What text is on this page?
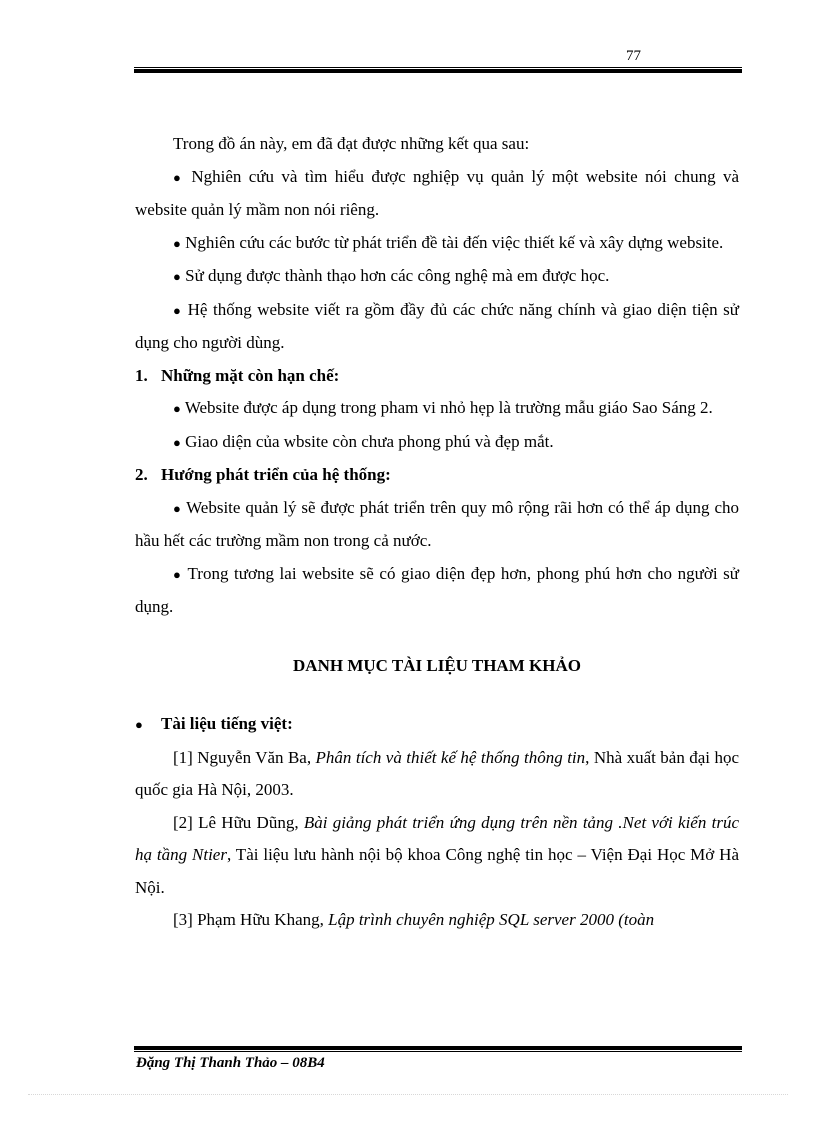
77

Trong đồ án này, em đã đạt được những kết qua sau:

● Nghiên cứu và tìm hiểu được nghiệp vụ quản lý một website nói chung và website quản lý mầm non nói riêng.

● Nghiên cứu các bước từ phát triển đề tài đến việc thiết kế và xây dựng website.

● Sử dụng được thành thạo hơn các công nghệ mà em được học.

● Hệ thống website viết ra gồm đầy đủ các chức năng chính và giao diện tiện sử dụng cho người dùng.

1. Những mặt còn hạn chế:

● Website được áp dụng trong pham vi nhỏ hẹp là trường mẫu giáo Sao Sáng 2.

● Giao diện của wbsite còn chưa phong phú và đẹp mắt.

2. Hướng phát triển của hệ thống:

● Website quản lý sẽ được phát triển trên quy mô rộng rãi hơn có thể áp dụng cho hầu hết các trường mầm non trong cả nước.

● Trong tương lai website sẽ có giao diện đẹp hơn, phong phú hơn cho người sử dụng.

DANH MỤC TÀI LIỆU THAM KHẢO

● Tài liệu tiếng việt:

[1] Nguyễn Văn Ba, Phân tích và thiết kế hệ thống thông tin, Nhà xuất bản đại học quốc gia Hà Nội, 2003.

[2] Lê Hữu Dũng, Bài giảng phát triển ứng dụng trên nền tảng .Net với kiến trúc hạ tầng Ntier, Tài liệu lưu hành nội bộ khoa Công nghệ tin học – Viện Đại Học Mở Hà Nội.

[3] Phạm Hữu Khang, Lập trình chuyên nghiệp SQL server 2000 (toàn

Đặng Thị Thanh Thảo – 08B4
